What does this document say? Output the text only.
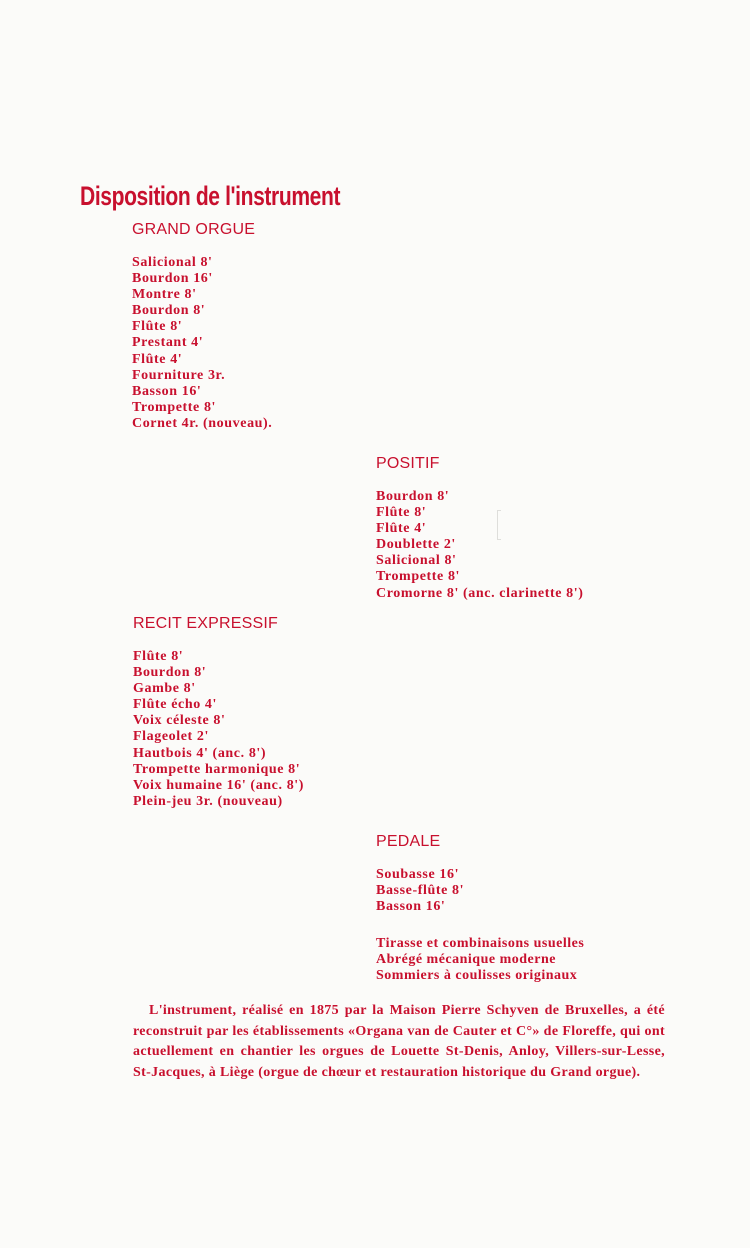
Disposition de l'instrument
GRAND ORGUE
Salicional 8'
Bourdon 16'
Montre 8'
Bourdon 8'
Flûte 8'
Prestant 4'
Flûte 4'
Fourniture 3r.
Basson 16'
Trompette 8'
Cornet 4r. (nouveau).
POSITIF
Bourdon 8'
Flûte 8'
Flûte 4'
Doublette 2'
Salicional 8'
Trompette 8'
Cromorne 8' (anc. clarinette 8')
RECIT EXPRESSIF
Flûte 8'
Bourdon 8'
Gambe 8'
Flûte écho 4'
Voix céleste 8'
Flageolet 2'
Hautbois 4' (anc. 8')
Trompette harmonique 8'
Voix humaine 16' (anc. 8')
Plein-jeu 3r. (nouveau)
PEDALE
Soubasse 16'
Basse-flûte 8'
Basson 16'
Tirasse et combinaisons usuelles
Abrégé mécanique moderne
Sommiers à coulisses originaux

L'instrument, réalisé en 1875 par la Maison Pierre Schyven de Bruxelles, a été reconstruit par les établissements «Organa van de Cauter et C°» de Floreffe, qui ont actuellement en chantier les orgues de Louette St-Denis, Anloy, Villers-sur-Lesse, St-Jacques, à Liège (orgue de chœur et restauration historique du Grand orgue).
